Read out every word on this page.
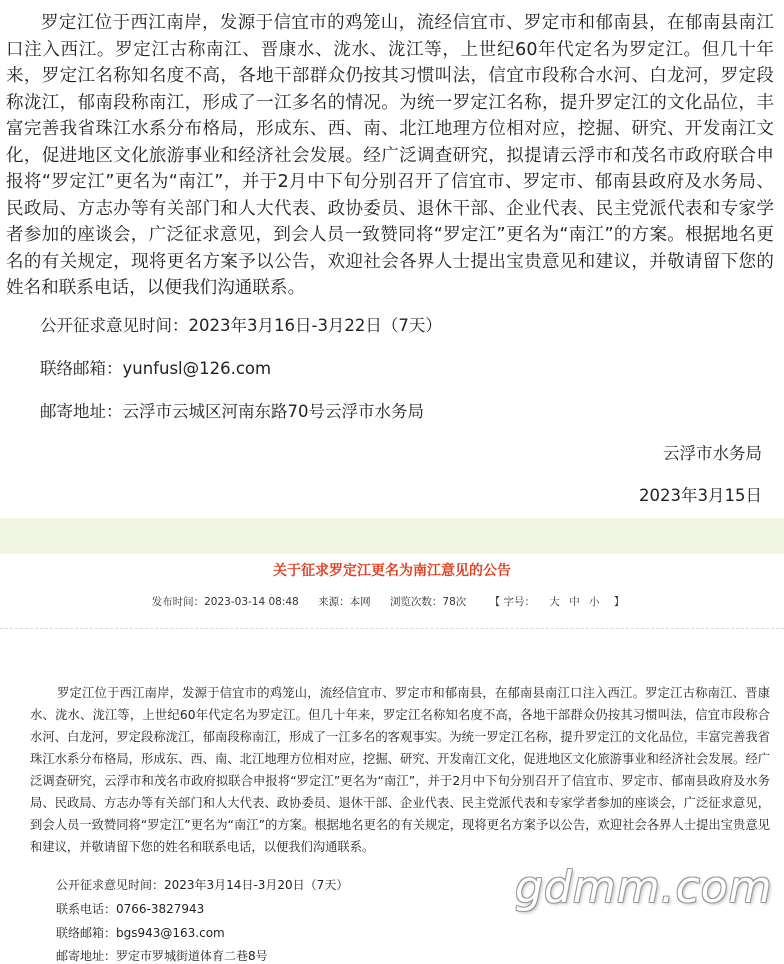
罗定江位于西江南岸，发源于信宜市的鸡笼山，流经信宜市、罗定市和郁南县，在郁南县南江口注入西江。罗定江古称南江、晋康水、泷水、泷江等，上世纪60年代定名为罗定江。但几十年来，罗定江名称知名度不高，各地干部群众仍按其习惯叫法，信宜市段称合水河、白龙河，罗定段称泷江，郁南段称南江，形成了一江多名的情况。为统一罗定江名称，提升罗定江的文化品位，丰富完善我省珠江水系分布格局，形成东、西、南、北江地理方位相对应，挖掘、研究、开发南江文化，促进地区文化旅游事业和经济社会发展。经广泛调查研究，拟提请云浮市和茂名市政府联合申报将“罗定江”更名为“南江”，并于2月中下旬分别召开了信宜市、罗定市、郁南县政府及水务局、民政局、方志办等有关部门和人大代表、政协委员、退休干部、企业代表、民主党派代表和专家学者参加的座谈会，广泛征求意见，到会人员一致赞同将“罗定江”更名为“南江”的方案。根据地名更名的有关规定，现将更名方案予以公告，欢迎社会各界人士提出宝贵意见和建议，并敬请留下您的姓名和联系电话，以便我们沟通联系。

公开征求意见时间：2023年3月16日-3月22日（7天）

联络邮箱：yunfusl@126.com

邮寄地址：云浮市云城区河南东路70号云浮市水务局

云浮市水务局

2023年3月15日

关于征求罗定江更名为南江意见的公告
发布时间：2023-03-14 08:48 来源：本网 浏览次数：78次 【 字号： 大 中 小 】

罗定江位于西江南岸，发源于信宜市的鸡笼山，流经信宜市、罗定市和郁南县，在郁南县南江口注入西江。罗定江古称南江、晋康水、泷水、泷江等，上世纪60年代定名为罗定江。但几十年来，罗定江名称知名度不高，各地干部群众仍按其习惯叫法，信宜市段称合水河、白龙河，罗定段称泷江，郁南段称南江，形成了一江多名的客观事实。为统一罗定江名称，提升罗定江的文化品位，丰富完善我省珠江水系分布格局，形成东、西、南、北江地理方位相对应，挖掘、研究、开发南江文化，促进地区文化旅游事业和经济社会发展。经广泛调查研究，云浮市和茂名市政府拟联合申报将“罗定江”更名为“南江”，并于2月中下旬分别召开了信宜市、罗定市、郁南县政府及水务局、民政局、方志办等有关部门和人大代表、政协委员、退休干部、企业代表、民主党派代表和专家学者参加的座谈会，广泛征求意见，到会人员一致赞同将“罗定江”更名为“南江”的方案。根据地名更名的有关规定，现将更名方案予以公告，欢迎社会各界人士提出宝贵意见和建议，并敬请留下您的姓名和联系电话，以便我们沟通联系。

公开征求意见时间：2023年3月14日-3月20日（7天）

联系电话：0766-3827943

联络邮箱：bgs943@163.com

邮寄地址：罗定市罗城街道体育二巷8号

gdmm.com
